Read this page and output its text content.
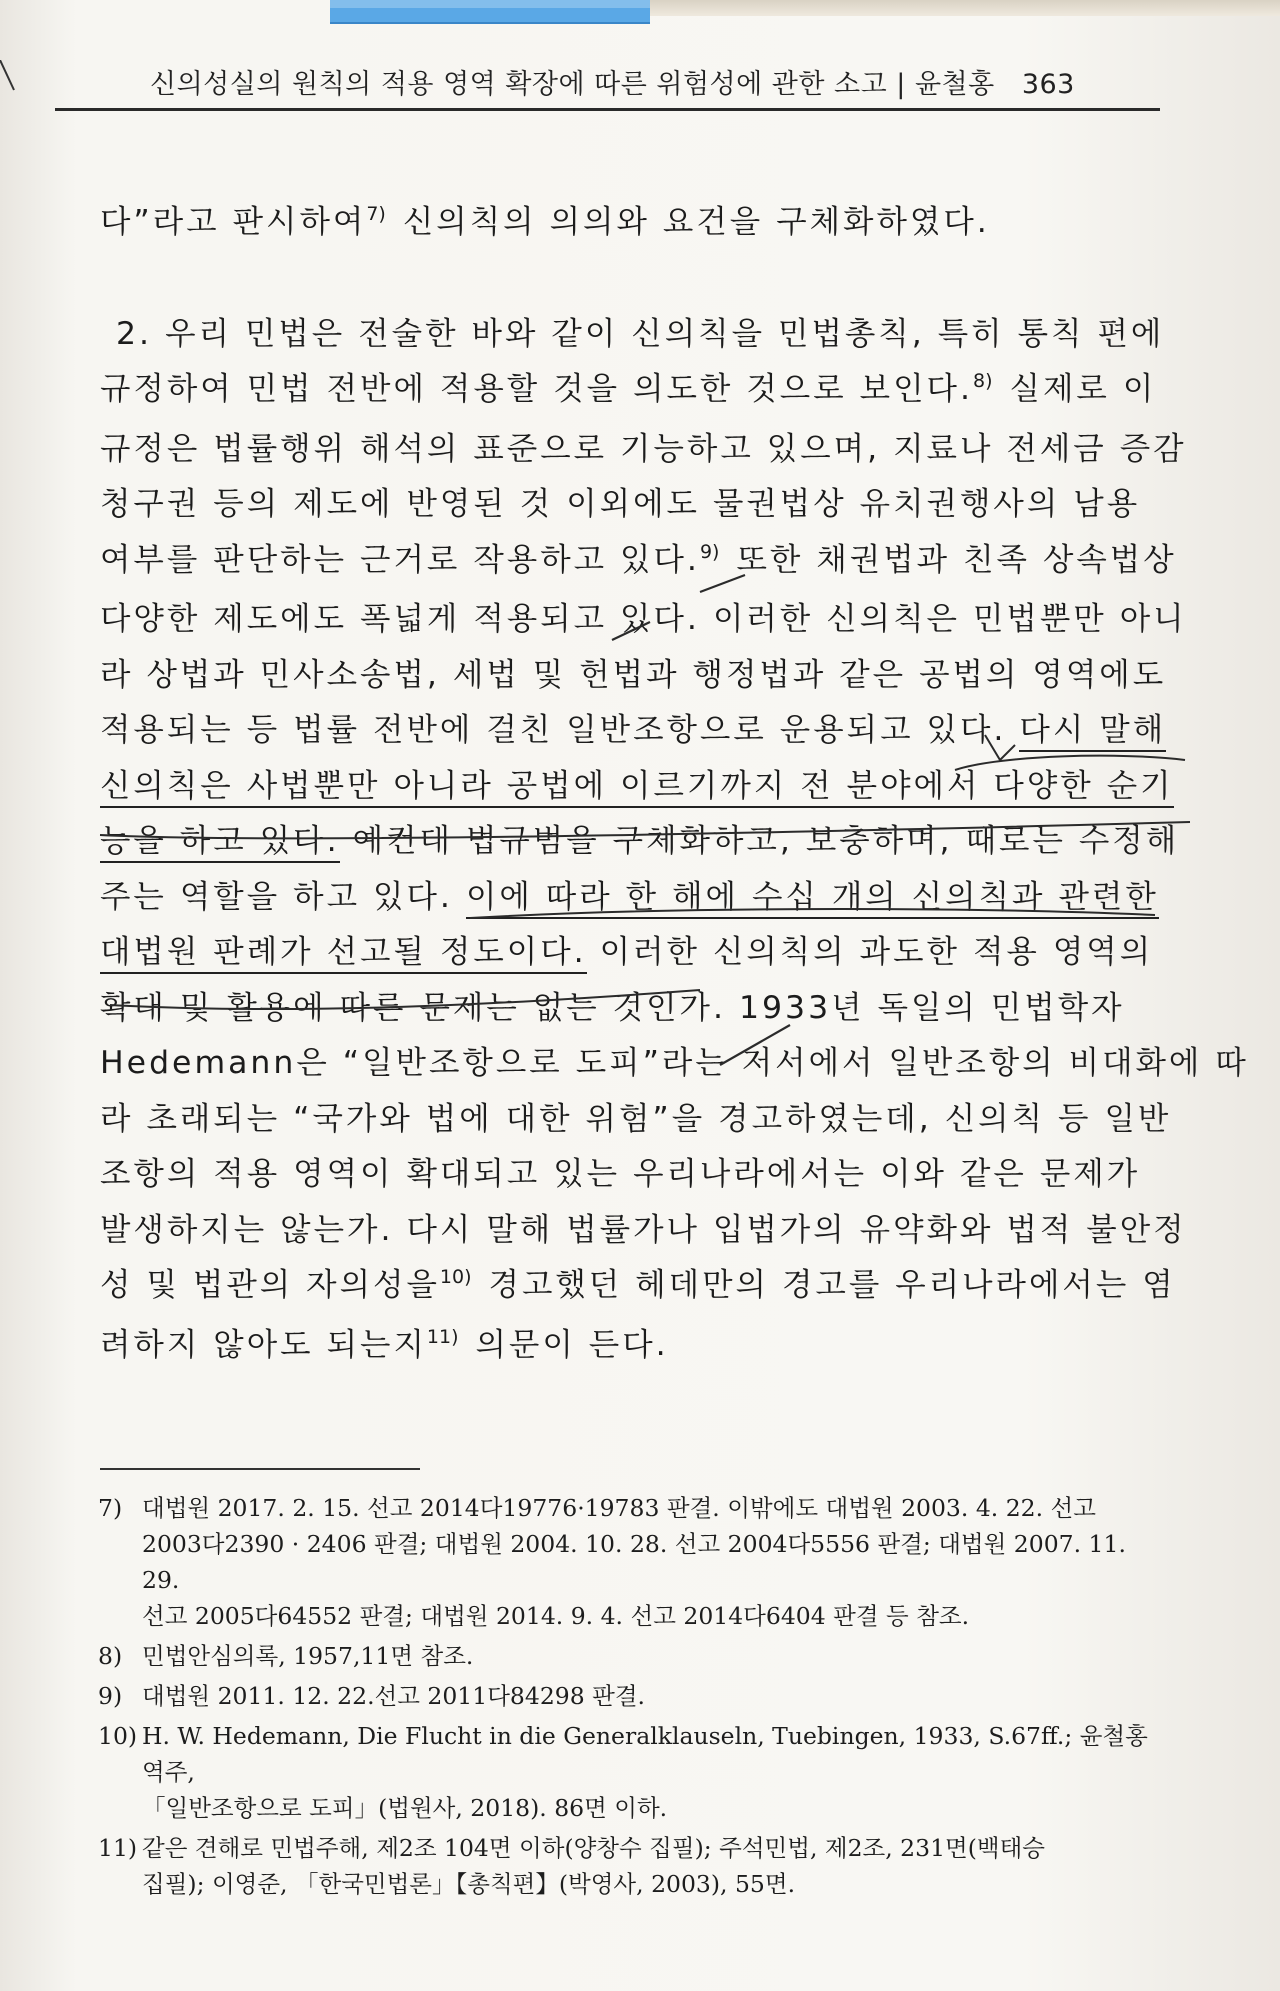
신의성실의 원칙의 적용 영역 확장에 따른 위험성에 관한 소고 | 윤철홍 363

다”라고 판시하여$^{7)}$ 신의칙의 의의와 요건을 구체화하였다.

2. 우리 민법은 전술한 바와 같이 신의칙을 민법총칙, 특히 통칙 편에

규정하여 민법 전반에 적용할 것을 의도한 것으로 보인다.$^{8)}$ 실제로 이

규정은 법률행위 해석의 표준으로 기능하고 있으며, 지료나 전세금 증감

청구권 등의 제도에 반영된 것 이외에도 물권법상 유치권행사의 남용

여부를 판단하는 근거로 작용하고 있다.$^{9)}$ 또한 채권법과 친족 상속법상

다양한 제도에도 폭넓게 적용되고 있다. 이러한 신의칙은 민법뿐만 아니

라 상법과 민사소송법, 세법 및 헌법과 행정법과 같은 공법의 영역에도

적용되는 등 법률 전반에 걸친 일반조항으로 운용되고 있다. 다시 말해

신의칙은 사법뿐만 아니라 공법에 이르기까지 전 분야에서 다양한 순기

능을 하고 있다. 예컨대 법규범을 구체화하고, 보충하며, 때로는 수정해

주는 역할을 하고 있다. 이에 따라 한 해에 수십 개의 신의칙과 관련한

대법원 판례가 선고될 정도이다. 이러한 신의칙의 과도한 적용 영역의

확대 및 활용에 따른 문제는 없는 것인가. 1933년 독일의 민법학자

Hedemann은 “일반조항으로 도피”라는 저서에서 일반조항의 비대화에 따

라 초래되는 “국가와 법에 대한 위험”을 경고하였는데, 신의칙 등 일반

조항의 적용 영역이 확대되고 있는 우리나라에서는 이와 같은 문제가

발생하지는 않는가. 다시 말해 법률가나 입법가의 유약화와 법적 불안정

성 및 법관의 자의성을$^{10)}$ 경고했던 헤데만의 경고를 우리나라에서는 염

려하지 않아도 되는지$^{11)}$ 의문이 든다.

7) 대법원 2017. 2. 15. 선고 2014다19776·19783 판결. 이밖에도 대법원 2003. 4. 22. 선고
2003다2390 · 2406 판결; 대법원 2004. 10. 28. 선고 2004다5556 판결; 대법원 2007. 11. 29.
선고 2005다64552 판결; 대법원 2014. 9. 4. 선고 2014다6404 판결 등 참조.
8) 민법안심의록, 1957,11면 참조.
9) 대법원 2011. 12. 22.선고 2011다84298 판결.
10) H. W. Hedemann, Die Flucht in die Generalklauseln, Tuebingen, 1933, S.67ff.; 윤철홍 역주,
「일반조항으로 도피」(법원사, 2018). 86면 이하.
11) 같은 견해로 민법주해, 제2조 104면 이하(양창수 집필); 주석민법, 제2조, 231면(백태승
집필); 이영준, 「한국민법론」【총칙편】(박영사, 2003), 55면.
